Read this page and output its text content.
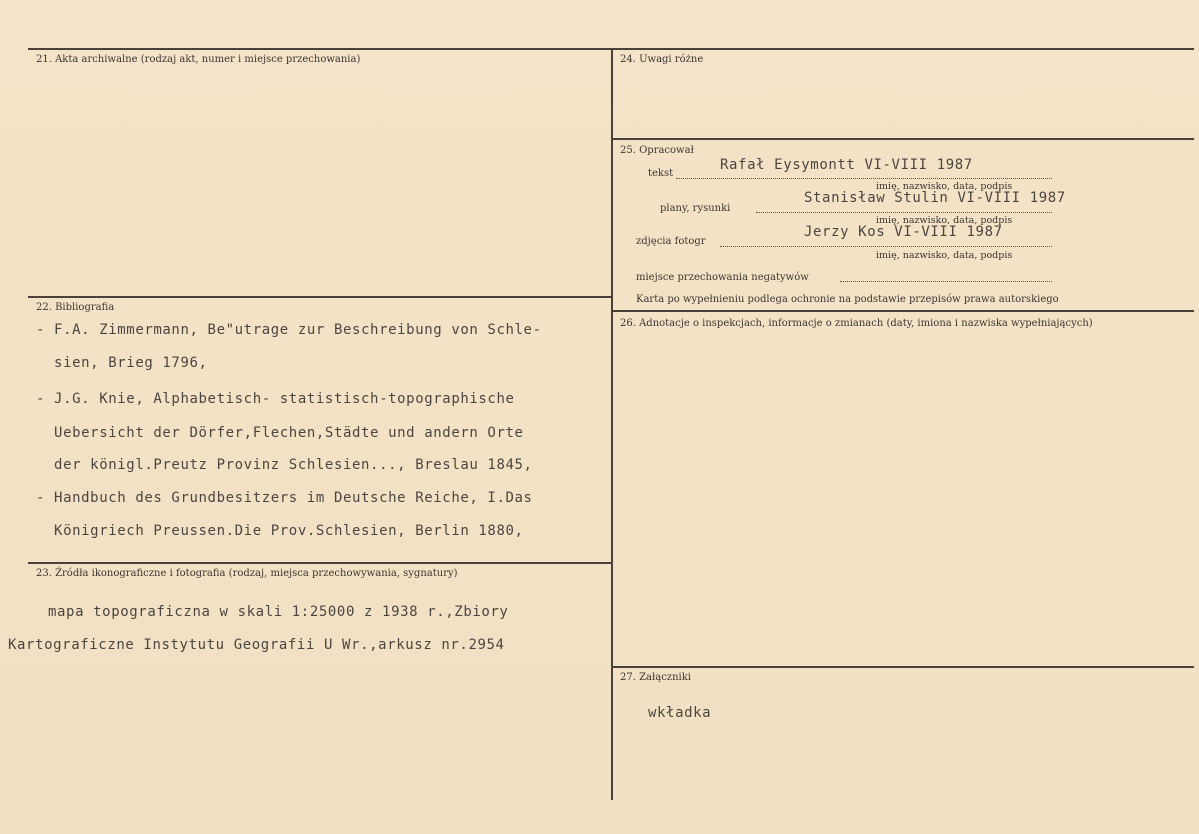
21. Akta archiwalne (rodzaj akt, numer i miejsce przechowania)
22. Bibliografia
- F.A. Zimmermann, Be"utrage zur Beschreibung von Schle-
sien, Brieg 1796,
- J.G. Knie, Alphabetisch- statistisch-topographische
Uebersicht der Dörfer,Flechen,Städte und andern Orte
der königl.Preutz Provinz Schlesien..., Breslau 1845,
- Handbuch des Grundbesitzers im Deutsche Reiche, I.Das
Königriech Preussen.Die Prov.Schlesien, Berlin 1880,
23. Źródła ikonograficzne i fotografia (rodzaj, miejsca przechowywania, sygnatury)
mapa topograficzna w skali 1:25000 z 1938 r.,Zbiory
Kartograficzne Instytutu Geografii U Wr.,arkusz nr.2954
24. Uwagi różne
25. Opracował
tekst
Rafał Eysymontt VI-VIII 1987
imię, nazwisko, data, podpis
plany, rysunki
Stanisław Stulin VI-VIII 1987
imię, nazwisko, data, podpis
zdjęcia fotogr
Jerzy Kos VI-VIII 1987
imię, nazwisko, data, podpis
miejsce przechowania negatywów
Karta po wypełnieniu podlega ochronie na podstawie przepisów prawa autorskiego
26. Adnotacje o inspekcjach, informacje o zmianach (daty, imiona i nazwiska wypełniających)
27. Załączniki
wkładka
